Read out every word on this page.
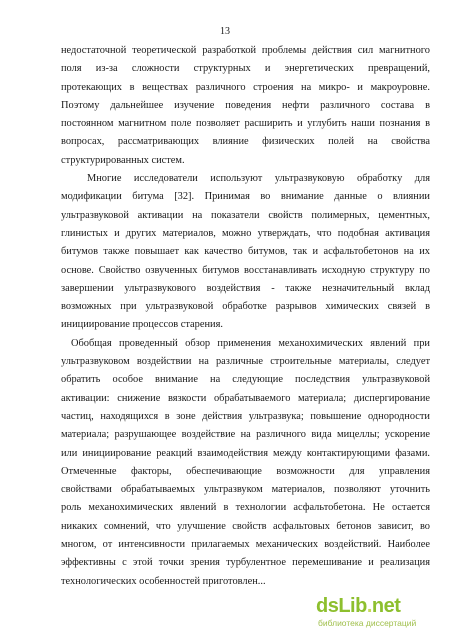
13
недостаточной теоретической разработкой проблемы действия сил магнитного
поля из-за сложности структурных и энергетических превращений,
протекающих в веществах различного строения на микро- и макроуровне.
Поэтому дальнейшее изучение поведения нефти различного состава в
постоянном магнитном поле позволяет расширить и углубить наши познания в
вопросах, рассматривающих влияние физических полей на свойства
структурированных систем.
Многие исследователи используют ультразвуковую обработку для
модификации битума [32]. Принимая во внимание данные о влиянии
ультразвуковой активации на показатели свойств полимерных, цементных,
глинистых и других материалов, можно утверждать, что подобная активация
битумов также повышает как качество битумов, так и асфальтобетонов на их
основе. Свойство озвученных битумов восстанавливать исходную структуру по
завершении ультразвукового воздействия - также незначительный вклад
возможных при ультразвуковой обработке разрывов химических связей в
инициирование процессов старения.
Обобщая проведенный обзор применения механохимических явлений при
ультразвуковом воздействии на различные строительные материалы, следует
обратить особое внимание на следующие последствия ультразвуковой
активации: снижение вязкости обрабатываемого материала; диспергирование
частиц, находящихся в зоне действия ультразвука; повышение однородности
материала; разрушающее воздействие на различного вида мицеллы; ускорение
или инициирование реакций взаимодействия между контактирующими фазами.
Отмеченные факторы, обеспечивающие возможности для управления
свойствами обрабатываемых ультразвуком материалов, позволяют уточнить
роль механохимических явлений в технологии асфальтобетона. Не остается
никаких сомнений, что улучшение свойств асфальтовых бетонов зависит, во
многом, от интенсивности прилагаемых механических воздействий. Наиболее
эффективны с этой точки зрения турбулентное перемешивание и реализация
технологических особенностей приготовлен...
dsLib.net
библиотека диссертаций
